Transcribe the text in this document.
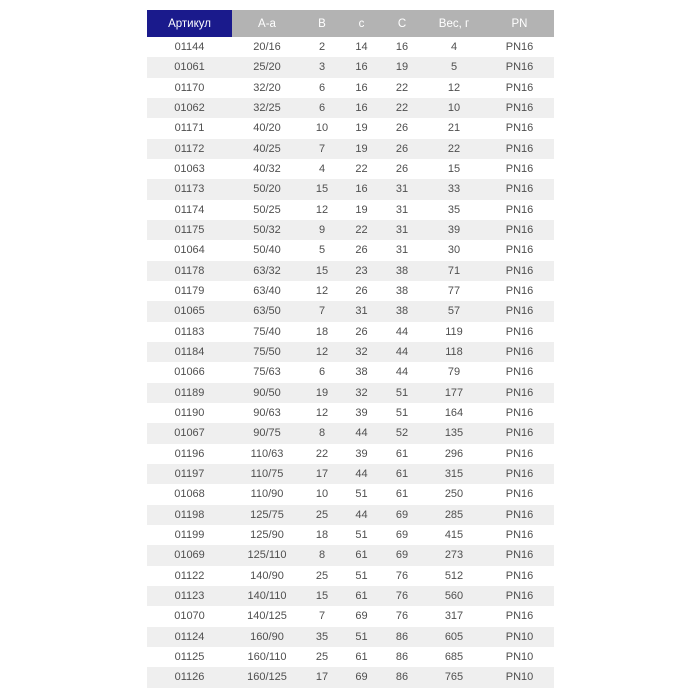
Артикул	A-a	B	c	C	Вес, г	PN
01144	20/16	2	14	16	4	PN16
01061	25/20	3	16	19	5	PN16
01170	32/20	6	16	22	12	PN16
01062	32/25	6	16	22	10	PN16
01171	40/20	10	19	26	21	PN16
01172	40/25	7	19	26	22	PN16
01063	40/32	4	22	26	15	PN16
01173	50/20	15	16	31	33	PN16
01174	50/25	12	19	31	35	PN16
01175	50/32	9	22	31	39	PN16
01064	50/40	5	26	31	30	PN16
01178	63/32	15	23	38	71	PN16
01179	63/40	12	26	38	77	PN16
01065	63/50	7	31	38	57	PN16
01183	75/40	18	26	44	119	PN16
01184	75/50	12	32	44	118	PN16
01066	75/63	6	38	44	79	PN16
01189	90/50	19	32	51	177	PN16
01190	90/63	12	39	51	164	PN16
01067	90/75	8	44	52	135	PN16
01196	110/63	22	39	61	296	PN16
01197	110/75	17	44	61	315	PN16
01068	110/90	10	51	61	250	PN16
01198	125/75	25	44	69	285	PN16
01199	125/90	18	51	69	415	PN16
01069	125/110	8	61	69	273	PN16
01122	140/90	25	51	76	512	PN16
01123	140/110	15	61	76	560	PN16
01070	140/125	7	69	76	317	PN16
01124	160/90	35	51	86	605	PN10
01125	160/110	25	61	86	685	PN10
01126	160/125	17	69	86	765	PN10
